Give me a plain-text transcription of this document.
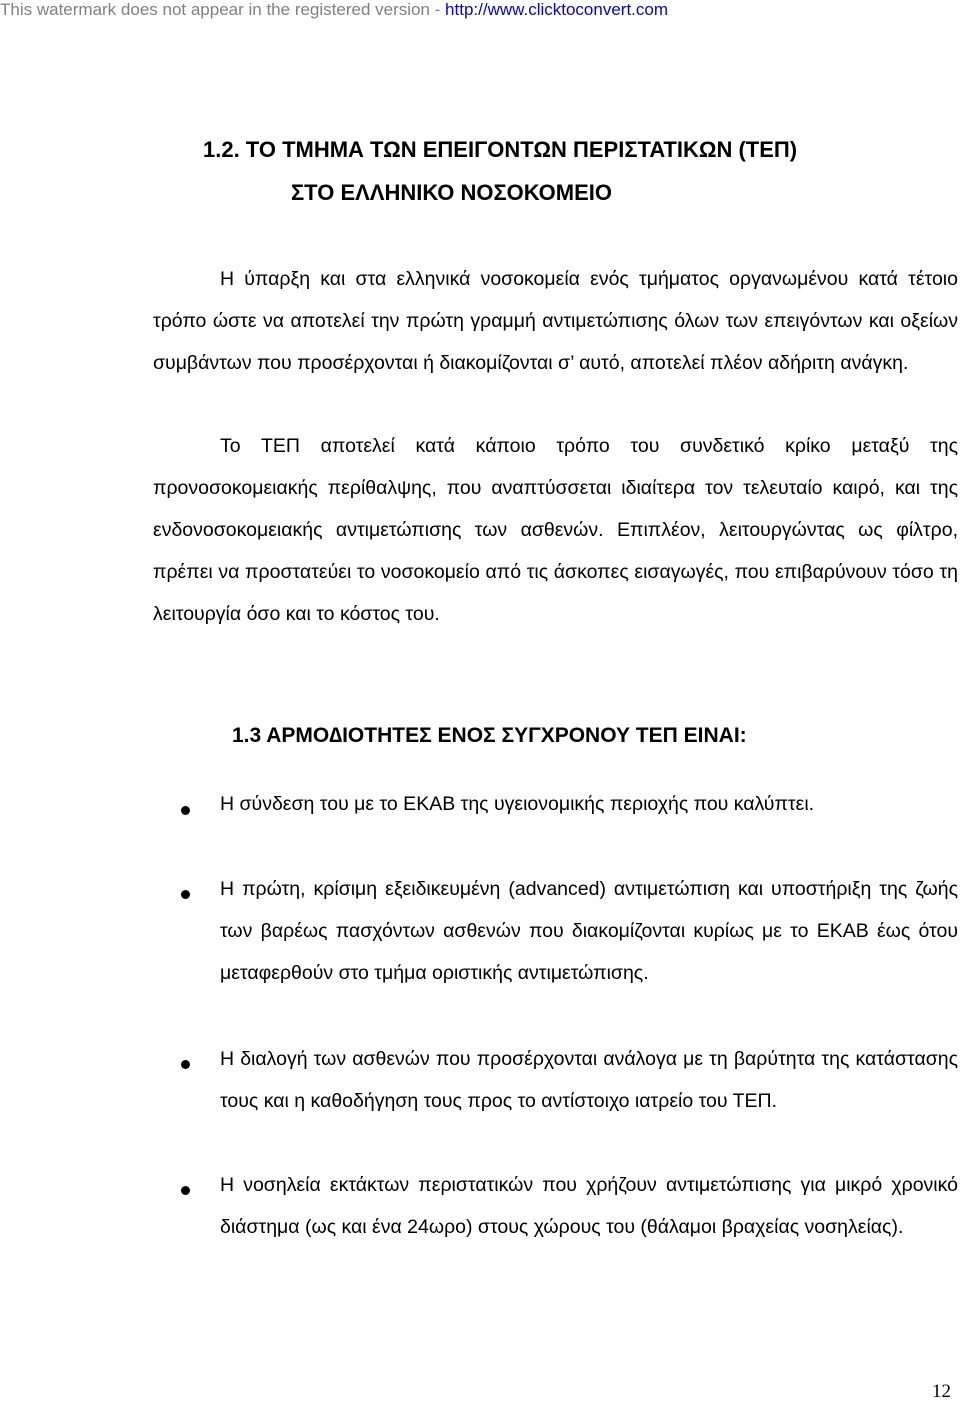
This watermark does not appear in the registered version - http://www.clicktoconvert.com
1.2. ΤΟ ΤΜΗΜΑ ΤΩΝ ΕΠΕΙΓΟΝΤΩΝ ΠΕΡΙΣΤΑΤΙΚΩΝ (ΤΕΠ)
ΣΤΟ ΕΛΛΗΝΙΚΟ ΝΟΣΟΚΟΜΕΙΟ

Η ύπαρξη και στα ελληνικά νοσοκομεία ενός τμήματος οργανωμένου κατά τέτοιο τρόπο ώστε να αποτελεί την πρώτη γραμμή αντιμετώπισης όλων των επειγόντων και οξείων συμβάντων που προσέρχονται ή διακομίζονται σ’ αυτό, αποτελεί πλέον αδήριτη ανάγκη.

Το ΤΕΠ αποτελεί κατά κάποιο τρόπο του συνδετικό κρίκο μεταξύ της προνοσοκομειακής περίθαλψης, που αναπτύσσεται ιδιαίτερα τον τελευταίο καιρό, και της ενδονοσοκομειακής αντιμετώπισης των ασθενών. Επιπλέον, λειτουργώντας ως φίλτρο, πρέπει να προστατεύει το νοσοκομείο από τις άσκοπες εισαγωγές, που επιβαρύνουν τόσο τη λειτουργία όσο και το κόστος του.

1.3 ΑΡΜΟ∆ΙΟΤΗΤΕΣ ΕΝΟΣ ΣΥΓΧΡΟΝΟΥ ΤΕΠ ΕΙΝΑΙ:

Η σύνδεση του με το ΕΚΑΒ της υγειονομικής περιοχής που καλύπτει.

Η πρώτη, κρίσιμη εξειδικευμένη (advanced) αντιμετώπιση και υποστήριξη της ζωής των βαρέως πασχόντων ασθενών που διακομίζονται κυρίως με το ΕΚΑΒ έως ότου μεταφερθούν στο τμήμα οριστικής αντιμετώπισης.

Η διαλογή των ασθενών που προσέρχονται ανάλογα με τη βαρύτητα της κατάστασης τους και η καθοδήγηση τους προς το αντίστοιχο ιατρείο του ΤΕΠ.

Η νοσηλεία εκτάκτων περιστατικών που χρήζουν αντιμετώπισης για μικρό χρονικό διάστημα (ως και ένα 24ωρο) στους χώρους του (θάλαμοι βραχείας νοσηλείας).

12
